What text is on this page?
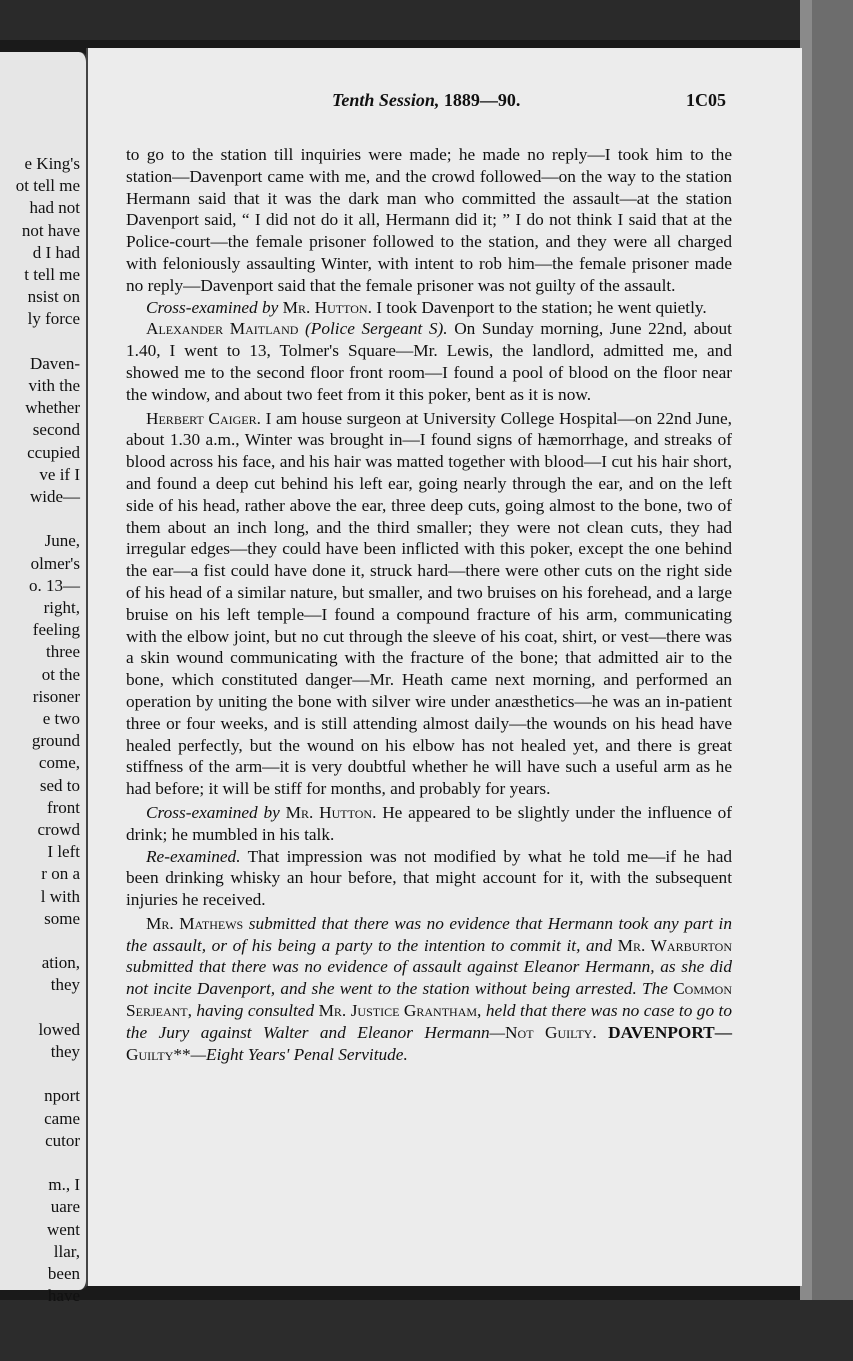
e King's
ot tell me
had not
not have
d I had
t tell me
nsist on
ly force
Daven-
vith the
whether
second
ccupied
ve if I
wide—
June,
olmer's
o. 13—
right,
feeling
three
ot the
risoner
e two
ground
come,
sed to
front
crowd
I left
r on a
l with
some
ation,
they
lowed
they
nport
came
cutor
m., I
uare
went
llar,
been
have
Tenth Session, 1889—90.	1C05

to go to the station till inquiries were made; he made no reply—I took him to the station—Davenport came with me, and the crowd followed—on the way to the station Hermann said that it was the dark man who committed the assault—at the station Davenport said, “ I did not do it all, Hermann did it; ” I do not think I said that at the Police-court—the female prisoner followed to the station, and they were all charged with feloniously assaulting Winter, with intent to rob him—the female prisoner made no reply—Davenport said that the female prisoner was not guilty of the assault.

Cross-examined by Mr. Hutton. I took Davenport to the station; he went quietly.

Alexander Maitland (Police Sergeant S). On Sunday morning, June 22nd, about 1.40, I went to 13, Tolmer's Square—Mr. Lewis, the landlord, admitted me, and showed me to the second floor front room—I found a pool of blood on the floor near the window, and about two feet from it this poker, bent as it is now.

Herbert Caiger. I am house surgeon at University College Hospital—on 22nd June, about 1.30 a.m., Winter was brought in—I found signs of hæmorrhage, and streaks of blood across his face, and his hair was matted together with blood—I cut his hair short, and found a deep cut behind his left ear, going nearly through the ear, and on the left side of his head, rather above the ear, three deep cuts, going almost to the bone, two of them about an inch long, and the third smaller; they were not clean cuts, they had irregular edges—they could have been inflicted with this poker, except the one behind the ear—a fist could have done it, struck hard—there were other cuts on the right side of his head of a similar nature, but smaller, and two bruises on his forehead, and a large bruise on his left temple—I found a compound fracture of his arm, communicating with the elbow joint, but no cut through the sleeve of his coat, shirt, or vest—there was a skin wound communicating with the fracture of the bone; that admitted air to the bone, which constituted danger—Mr. Heath came next morning, and performed an operation by uniting the bone with silver wire under anæsthetics—he was an in-patient three or four weeks, and is still attending almost daily—the wounds on his head have healed perfectly, but the wound on his elbow has not healed yet, and there is great stiffness of the arm—it is very doubtful whether he will have such a useful arm as he had before; it will be stiff for months, and probably for years.

Cross-examined by Mr. Hutton. He appeared to be slightly under the influence of drink; he mumbled in his talk.

Re-examined. That impression was not modified by what he told me—if he had been drinking whisky an hour before, that might account for it, with the subsequent injuries he received.

Mr. Mathews submitted that there was no evidence that Hermann took any part in the assault, or of his being a party to the intention to commit it, and Mr. Warburton submitted that there was no evidence of assault against Eleanor Hermann, as she did not incite Davenport, and she went to the station without being arrested. The Common Serjeant, having consulted Mr. Justice Grantham, held that there was no case to go to the Jury against Walter and Eleanor Hermann—Not Guilty. DAVENPORT—Guilty**—Eight Years' Penal Servitude.
